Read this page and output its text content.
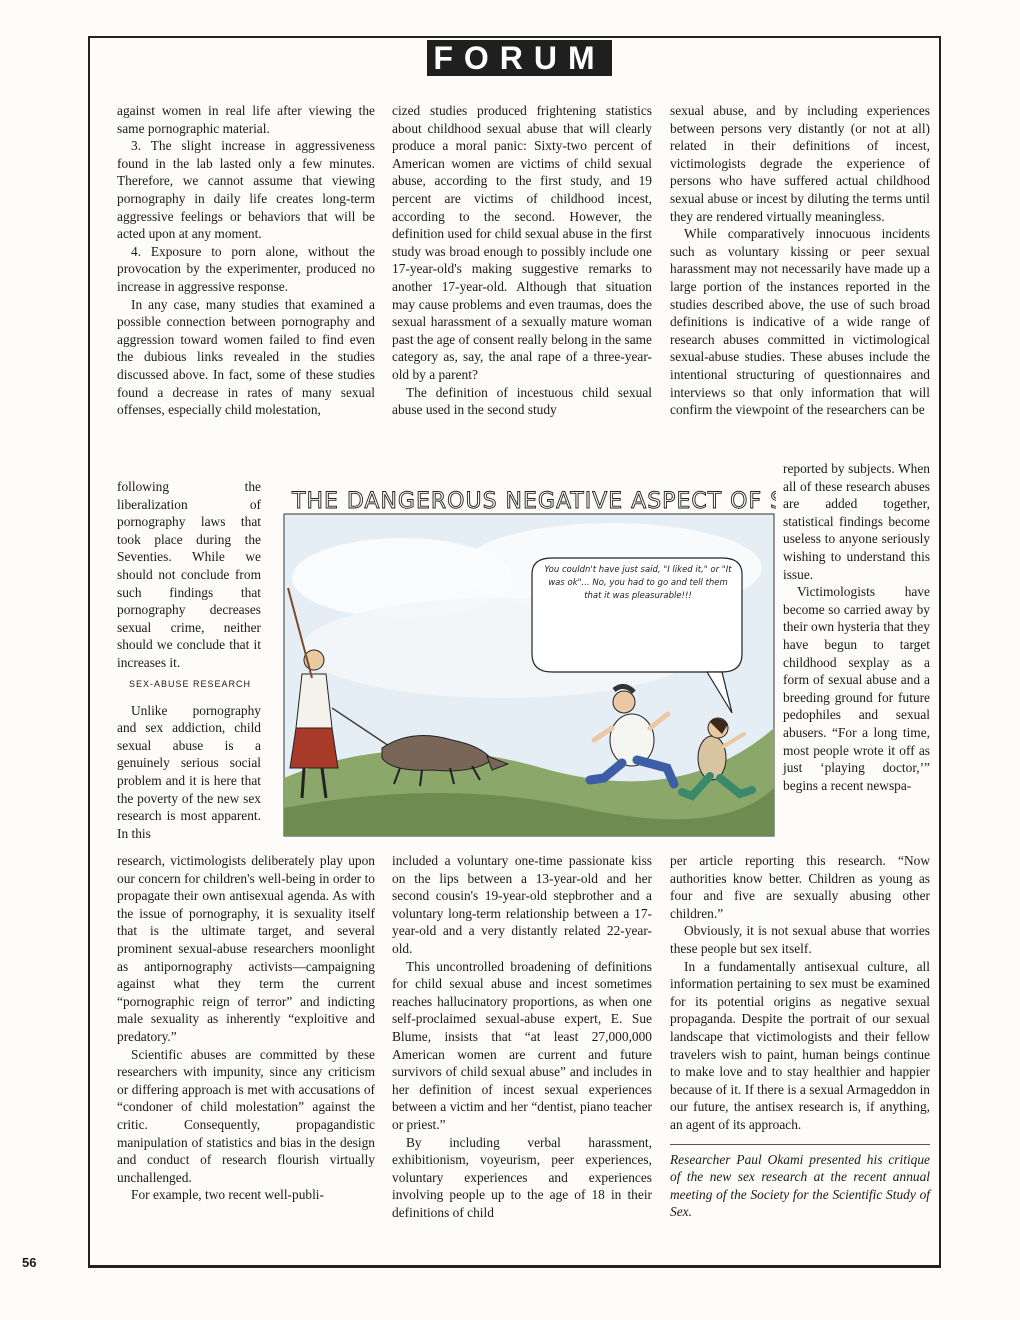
FORUM

against women in real life after viewing the same pornographic material.

3. The slight increase in aggressiveness found in the lab lasted only a few minutes. Therefore, we cannot assume that viewing pornography in daily life creates long-term aggressive feelings or behaviors that will be acted upon at any moment.

4. Exposure to porn alone, without the provocation by the experimenter, produced no increase in aggressive response.

In any case, many studies that examined a possible connection between pornography and aggression toward women failed to find even the dubious links revealed in the studies discussed above. In fact, some of these studies found a decrease in rates of many sexual offenses, especially child molestation,

following the liberalization of pornography laws that took place during the Seventies. While we should not conclude from such findings that pornography decreases sexual crime, neither should we conclude that it increases it.

SEX-ABUSE RESEARCH

Unlike pornography and sex addiction, child sexual abuse is a genuinely serious social problem and it is here that the poverty of the new sex research is most apparent. In this

cized studies produced frightening statistics about childhood sexual abuse that will clearly produce a moral panic: Sixty-two percent of American women are victims of child sexual abuse, according to the first study, and 19 percent are victims of childhood incest, according to the second. However, the definition used for child sexual abuse in the first study was broad enough to possibly include one 17-year-old's making suggestive remarks to another 17-year-old. Although that situation may cause problems and even traumas, does the sexual harassment of a sexually mature woman past the age of consent really belong in the same category as, say, the anal rape of a three-year-old by a parent?

The definition of incestuous child sexual abuse used in the second study

sexual abuse, and by including experiences between persons very distantly (or not at all) related in their definitions of incest, victimologists degrade the experience of persons who have suffered actual childhood sexual abuse or incest by diluting the terms until they are rendered virtually meaningless.

While comparatively innocuous incidents such as voluntary kissing or peer sexual harassment may not necessarily have made up a large portion of the instances reported in the studies described above, the use of such broad definitions is indicative of a wide range of research abuses committed in victimological sexual-abuse studies. These abuses include the intentional structuring of questionnaires and interviews so that only information that will confirm the viewpoint of the researchers can be

reported by subjects. When all of these research abuses are added together, statistical findings become useless to anyone seriously wishing to understand this issue.

Victimologists have become so carried away by their own hysteria that they have begun to target childhood sexplay as a form of sexual abuse and a breeding ground for future pedophiles and sexual abusers. “For a long time, most people wrote it off as just ‘playing doctor,’” begins a recent newspa-

THE DANGEROUS NEGATIVE ASPECT OF SEX
You couldn't have just said, "I liked it," or "It was ok"... No, you had to go and tell them that it was pleasurable!!!

research, victimologists deliberately play upon our concern for children's well-being in order to propagate their own antisexual agenda. As with the issue of pornography, it is sexuality itself that is the ultimate target, and several prominent sexual-abuse researchers moonlight as antipornography activists—campaigning against what they term the current “pornographic reign of terror” and indicting male sexuality as inherently “exploitive and predatory.”

Scientific abuses are committed by these researchers with impunity, since any criticism or differing approach is met with accusations of “condoner of child molestation” against the critic. Consequently, propagandistic manipulation of statistics and bias in the design and conduct of research flourish virtually unchallenged.

For example, two recent well-publi-

included a voluntary one-time passionate kiss on the lips between a 13-year-old and her second cousin's 19-year-old stepbrother and a voluntary long-term relationship between a 17-year-old and a very distantly related 22-year-old.

This uncontrolled broadening of definitions for child sexual abuse and incest sometimes reaches hallucinatory proportions, as when one self-proclaimed sexual-abuse expert, E. Sue Blume, insists that “at least 27,000,000 American women are current and future survivors of child sexual abuse” and includes in her definition of incest sexual experiences between a victim and her “dentist, piano teacher or priest.”

By including verbal harassment, exhibitionism, voyeurism, peer experiences, voluntary experiences and experiences involving people up to the age of 18 in their definitions of child

per article reporting this research. “Now authorities know better. Children as young as four and five are sexually abusing other children.”

Obviously, it is not sexual abuse that worries these people but sex itself.

In a fundamentally antisexual culture, all information pertaining to sex must be examined for its potential origins as negative sexual propaganda. Despite the portrait of our sexual landscape that victimologists and their fellow travelers wish to paint, human beings continue to make love and to stay healthier and happier because of it. If there is a sexual Armageddon in our future, the antisex research is, if anything, an agent of its approach.

Researcher Paul Okami presented his critique of the new sex research at the recent annual meeting of the Society for the Scientific Study of Sex.

56
